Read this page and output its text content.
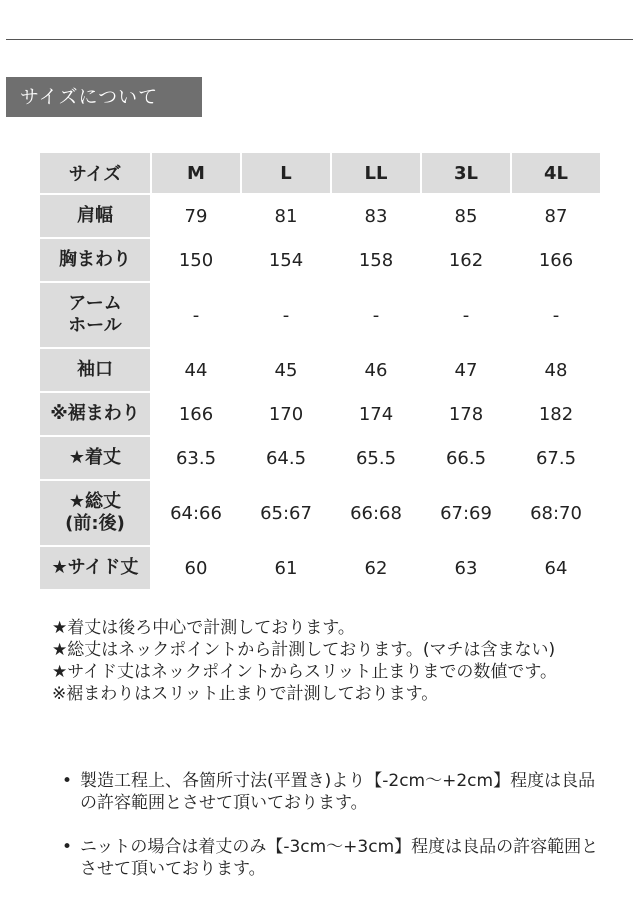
サイズについて
サイズ	M	L	LL	3L	4L
肩幅	79	81	83	85	87
胸まわり	150	154	158	162	166
アーム
ホール	-	-	-	-	-
袖口	44	45	46	47	48
※裾まわり	166	170	174	178	182
★着丈	63.5	64.5	65.5	66.5	67.5
★総丈
(前:後)	64:66	65:67	66:68	67:69	68:70
★サイド丈	60	61	62	63	64
★着丈は後ろ中心で計測しております。
★総丈はネックポイントから計測しております。(マチは含まない)
★サイド丈はネックポイントからスリット止まりまでの数値です。
※裾まわりはスリット止まりで計測しております。
• 製造工程上、各箇所寸法(平置き)より【-2cm～+2cm】程度は良品の許容範囲とさせて頂いております。
• ニットの場合は着丈のみ【-3cm～+3cm】程度は良品の許容範囲とさせて頂いております。
